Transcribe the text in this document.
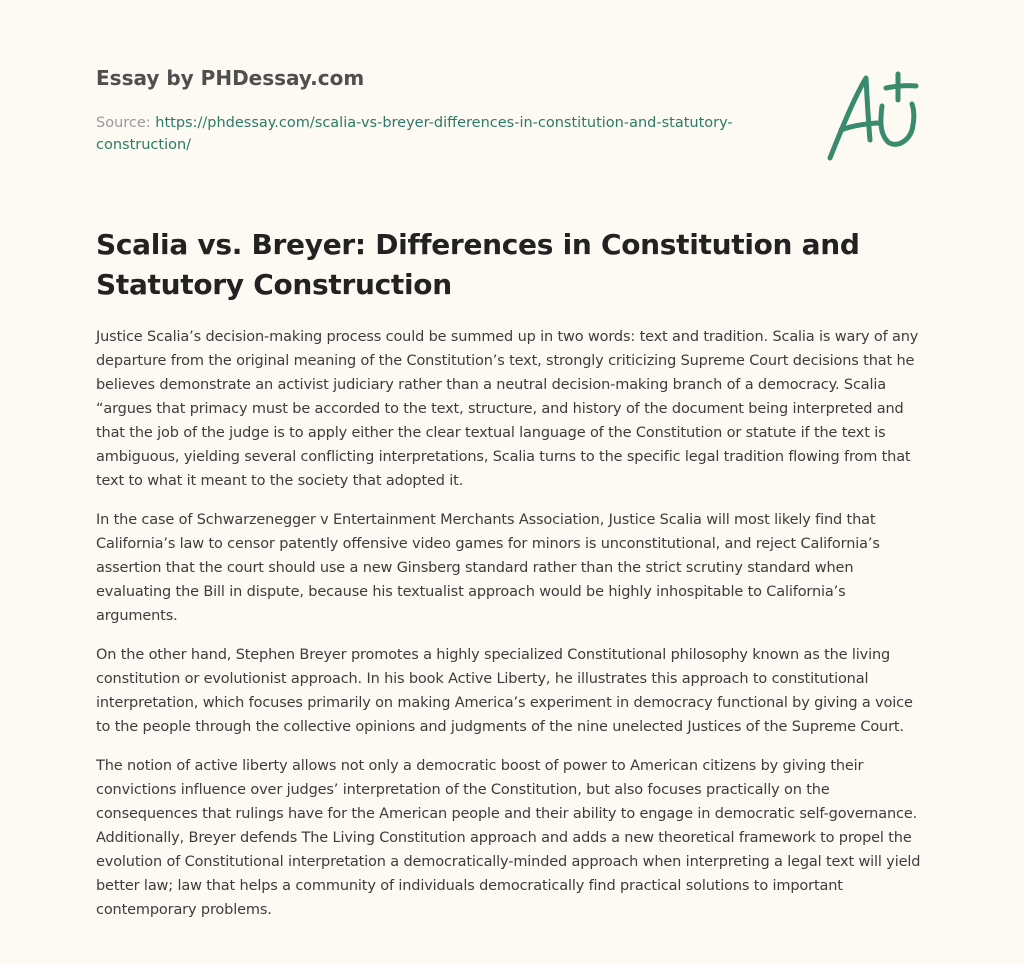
Essay by PHDessay.com

Source: https://phdessay.com/scalia-vs-breyer-differences-in-constitution-and-statutory-construction/

Scalia vs. Breyer: Differences in Constitution and Statutory Construction

Justice Scalia’s decision-making process could be summed up in two words: text and tradition. Scalia is wary of any departure from the original meaning of the Constitution’s text, strongly criticizing Supreme Court decisions that he believes demonstrate an activist judiciary rather than a neutral decision-making branch of a democracy. Scalia “argues that primacy must be accorded to the text, structure, and history of the document being interpreted and that the job of the judge is to apply either the clear textual language of the Constitution or statute if the text is ambiguous, yielding several conflicting interpretations, Scalia turns to the specific legal tradition flowing from that text to what it meant to the society that adopted it.

In the case of Schwarzenegger v Entertainment Merchants Association, Justice Scalia will most likely find that California’s law to censor patently offensive video games for minors is unconstitutional, and reject California’s assertion that the court should use a new Ginsberg standard rather than the strict scrutiny standard when evaluating the Bill in dispute, because his textualist approach would be highly inhospitable to California’s arguments.

On the other hand, Stephen Breyer promotes a highly specialized Constitutional philosophy known as the living constitution or evolutionist approach. In his book Active Liberty, he illustrates this approach to constitutional interpretation, which focuses primarily on making America’s experiment in democracy functional by giving a voice to the people through the collective opinions and judgments of the nine unelected Justices of the Supreme Court.

The notion of active liberty allows not only a democratic boost of power to American citizens by giving their convictions influence over judges’ interpretation of the Constitution, but also focuses practically on the consequences that rulings have for the American people and their ability to engage in democratic self-governance. Additionally, Breyer defends The Living Constitution approach and adds a new theoretical framework to propel the evolution of Constitutional interpretation a democratically-minded approach when interpreting a legal text will yield better law; law that helps a community of individuals democratically find practical solutions to important contemporary problems.
